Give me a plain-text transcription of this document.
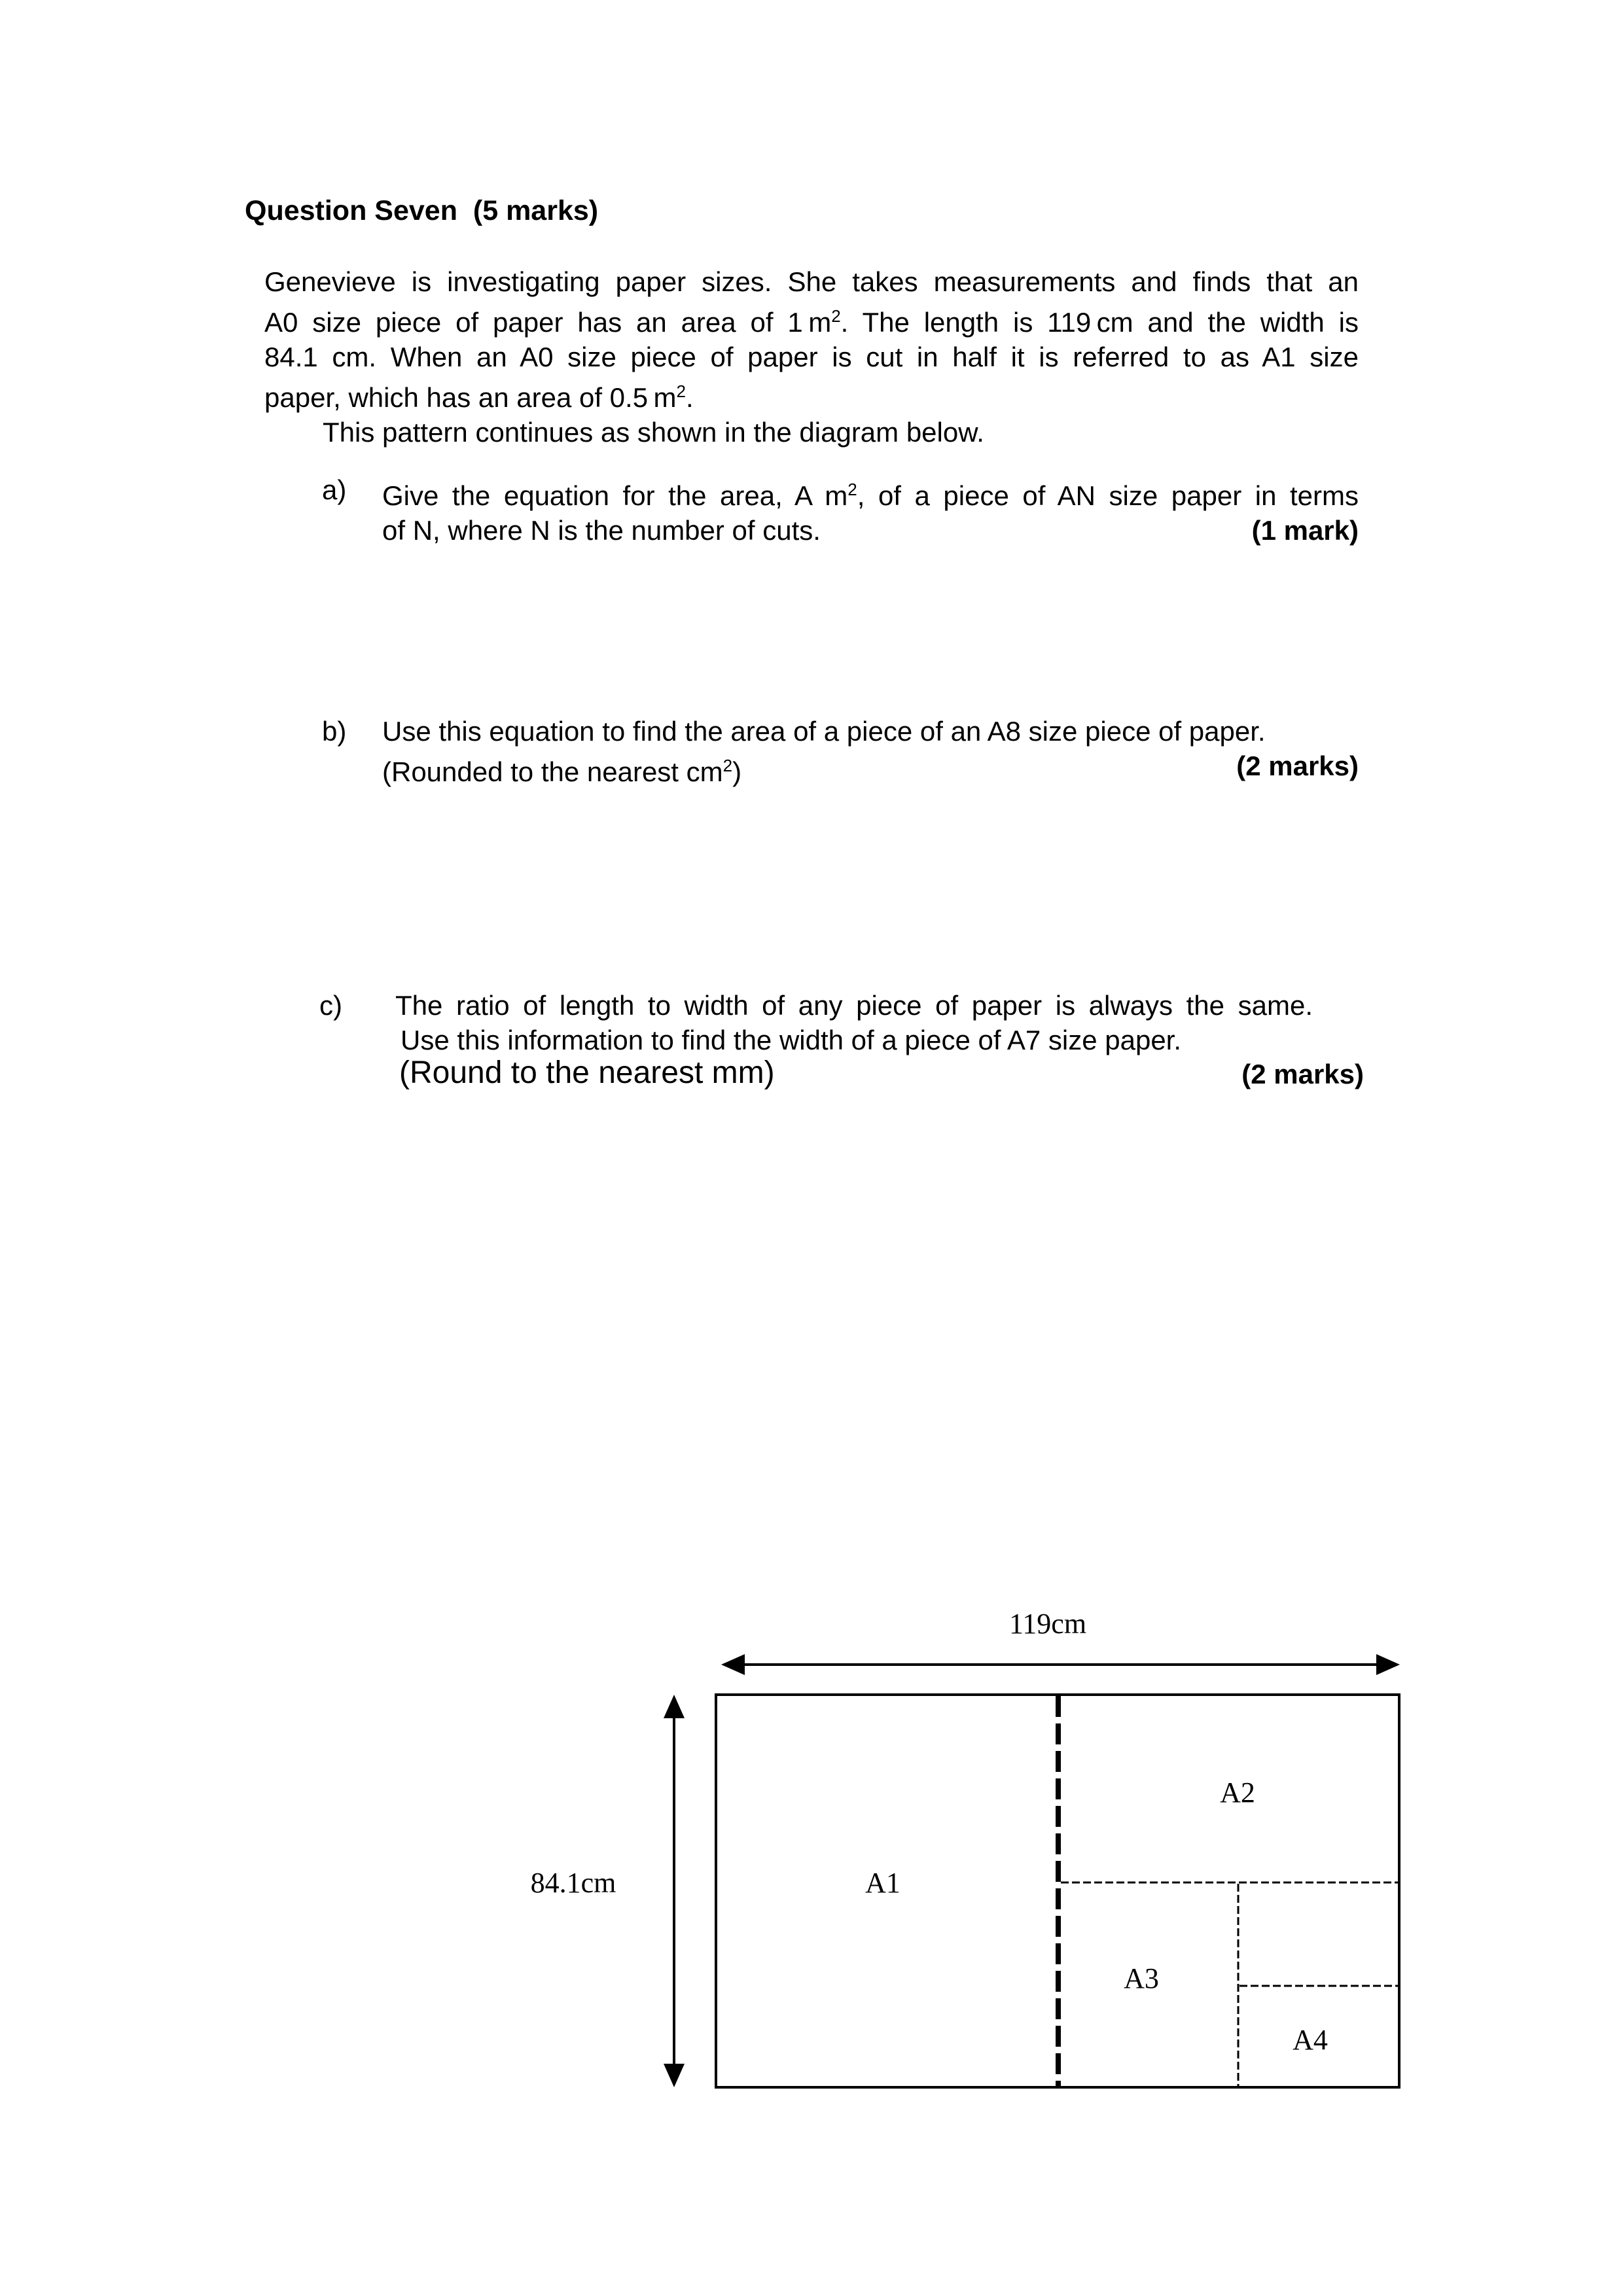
Question Seven (5 marks)
Genevieve is investigating paper sizes. She takes measurements and finds that an
A0 size piece of paper has an area of 1 $m^2$. The length is 119 cm and the width is
84.1 cm. When an A0 size piece of paper is cut in half it is referred to as A1 size
paper, which has an area of 0.5 $m^2$.
This pattern continues as shown in the diagram below.
a) Give the equation for the area, A $m^2$, of a piece of AN size paper in terms
of N, where N is the number of cuts.	(1 mark)
b) Use this equation to find the area of a piece of an A8 size piece of paper.
(Rounded to the nearest $cm^2$)	(2 marks)
c) The ratio of length to width of any piece of paper is always the same.
Use this information to find the width of a piece of A7 size paper.
(Round to the nearest mm)	(2 marks)
119cm
84.1cm	A1
A2
A3
A4
